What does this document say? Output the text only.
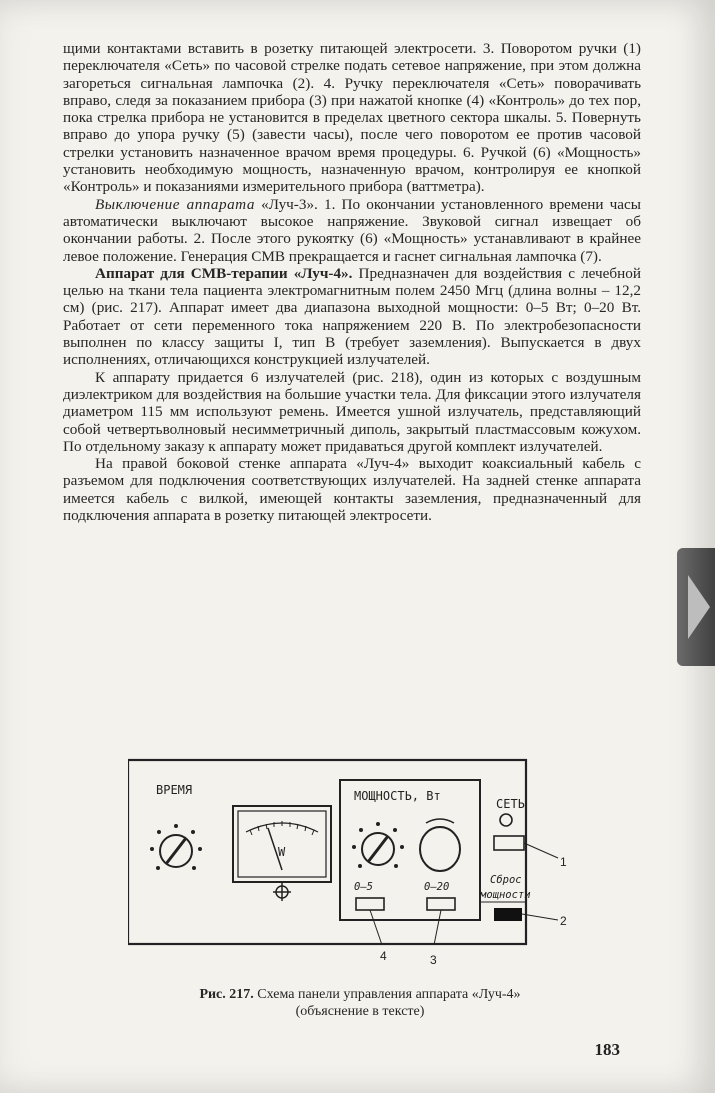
щими контактами вставить в розетку питающей электросети. 3. Поворотом ручки (1) переключателя «Сеть» по часовой стрелке подать сетевое напряжение, при этом должна загореться сигнальная лампочка (2). 4. Ручку переключателя «Сеть» поворачивать вправо, следя за показанием прибора (3) при нажатой кнопке (4) «Контроль» до тех пор, пока стрелка прибора не установится в пределах цветного сектора шкалы. 5. Повернуть вправо до упора ручку (5) (завести часы), после чего поворотом ее против часовой стрелки установить назначенное врачом время процедуры. 6. Ручкой (6) «Мощность» установить необходимую мощность, назначенную врачом, контролируя ее кнопкой «Контроль» и показаниями измерительного прибора (ваттметра).

Выключение аппарата «Луч-3». 1. По окончании установленного времени часы автоматически выключают высокое напряжение. Звуковой сигнал извещает об окончании работы. 2. После этого рукоятку (6) «Мощность» устанавливают в крайнее левое положение. Генерация СМВ прекращается и гаснет сигнальная лампочка (7).

Аппарат для СМВ-терапии «Луч-4». Предназначен для воздействия с лечебной целью на ткани тела пациента электромагнитным полем 2450 Мгц (длина волны – 12,2 см) (рис. 217). Аппарат имеет два диапазона выходной мощности: 0–5 Вт; 0–20 Вт. Работает от сети переменного тока напряжением 220 В. По электробезопасности выполнен по классу защиты I, тип В (требует заземления). Выпускается в двух исполнениях, отличающихся конструкцией излучателей.

К аппарату придается 6 излучателей (рис. 218), один из которых с воздушным диэлектриком для воздействия на большие участки тела. Для фиксации этого излучателя диаметром 115 мм используют ремень. Имеется ушной излучатель, представляющий собой четвертьволновый несимметричный диполь, закрытый пластмассовым кожухом. По отдельному заказу к аппарату может придаваться другой комплект излучателей.

На правой боковой стенке аппарата «Луч-4» выходит коаксиальный кабель с разъемом для подключения соответствующих излучателей. На задней стенке аппарата имеется кабель с вилкой, имеющей контакты заземления, предназначенный для подключения аппарата в розетку питающей электросети.

ВРЕМЯ
W
МОЩНОСТЬ, Вт
0–5	0–20
СЕТЬ
Сброс
мощности
1
2
4	3
Рис. 217. Схема панели управления аппарата «Луч-4»
(объяснение в тексте)
183
